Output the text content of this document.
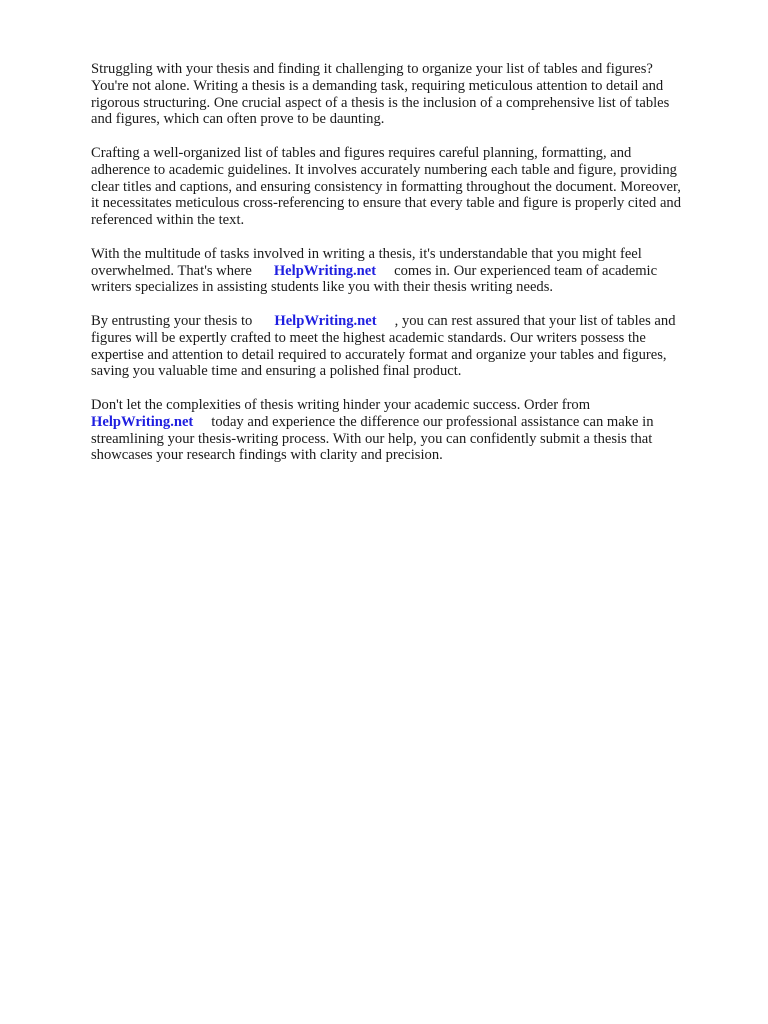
Struggling with your thesis and finding it challenging to organize your list of tables and figures?
You're not alone. Writing a thesis is a demanding task, requiring meticulous attention to detail and
rigorous structuring. One crucial aspect of a thesis is the inclusion of a comprehensive list of tables
and figures, which can often prove to be daunting.

Crafting a well-organized list of tables and figures requires careful planning, formatting, and
adherence to academic guidelines. It involves accurately numbering each table and figure, providing
clear titles and captions, and ensuring consistency in formatting throughout the document. Moreover,
it necessitates meticulous cross-referencing to ensure that every table and figure is properly cited and
referenced within the text.

With the multitude of tasks involved in writing a thesis, it's understandable that you might feel
overwhelmed. That's where HelpWriting.net comes in. Our experienced team of academic
writers specializes in assisting students like you with their thesis writing needs.

By entrusting your thesis to HelpWriting.net , you can rest assured that your list of tables and
figures will be expertly crafted to meet the highest academic standards. Our writers possess the
expertise and attention to detail required to accurately format and organize your tables and figures,
saving you valuable time and ensuring a polished final product.

Don't let the complexities of thesis writing hinder your academic success. Order from
HelpWriting.net today and experience the difference our professional assistance can make in
streamlining your thesis-writing process. With our help, you can confidently submit a thesis that
showcases your research findings with clarity and precision.
